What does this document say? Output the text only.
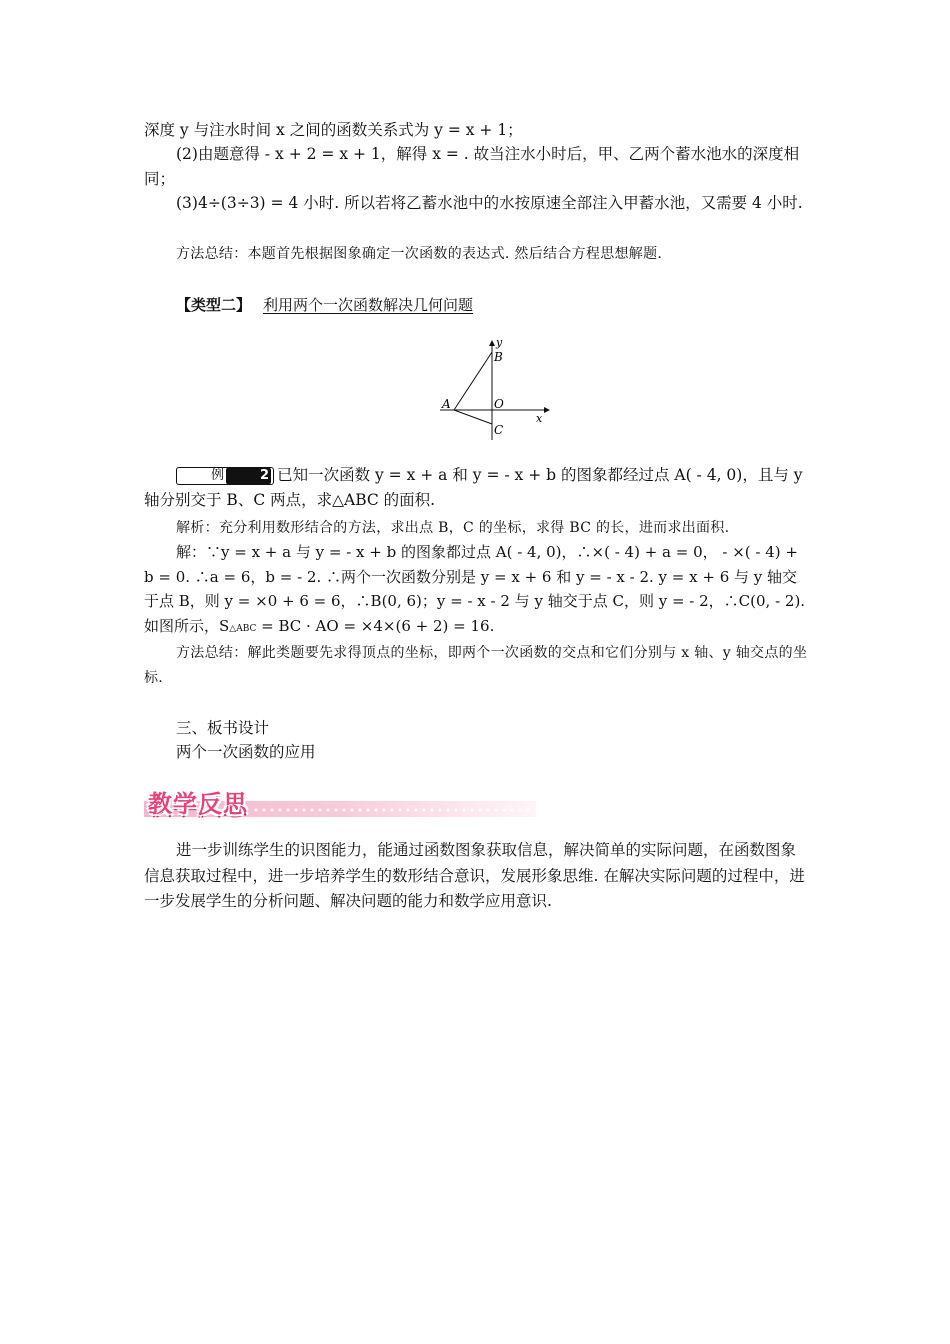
深度 y 与注水时间 x 之间的函数关系式为 y = x + 1；

(2)由题意得 - x + 2 = x + 1，解得 x = . 故当注水小时后，甲、乙两个蓄水池水的深度相同；

(3)4÷(3÷3) = 4 小时. 所以若将乙蓄水池中的水按原速全部注入甲蓄水池，又需要 4 小时.

方法总结：本题首先根据图象确定一次函数的表达式. 然后结合方程思想解题.

【类型二】 利用两个一次函数解决几何问题
y
B
A	O
C
x

例	2 已知一次函数 y = x + a 和 y = - x + b 的图象都经过点 A( - 4, 0)，且与 y 轴分别交于 B、C 两点，求△ABC 的面积.

解析：充分利用数形结合的方法，求出点 B，C 的坐标，求得 BC 的长，进而求出面积.

解：∵y = x + a 与 y = - x + b 的图象都过点 A( - 4, 0)，∴×( - 4) + a = 0， - ×( - 4) + b = 0. ∴a = 6，b = - 2. ∴两个一次函数分别是 y = x + 6 和 y = - x - 2. y = x + 6 与 y 轴交于点 B，则 y = ×0 + 6 = 6，∴B(0, 6)；y = - x - 2 与 y 轴交于点 C，则 y = - 2，∴C(0, - 2). 如图所示，S△ABC = BC · AO = ×4×(6 + 2) = 16.

方法总结：解此类题要先求得顶点的坐标，即两个一次函数的交点和它们分别与 x 轴、y 轴交点的坐标.

三、板书设计
两个一次函数的应用
教学反思

进一步训练学生的识图能力，能通过函数图象获取信息，解决简单的实际问题，在函数图象信息获取过程中，进一步培养学生的数形结合意识，发展形象思维. 在解决实际问题的过程中，进一步发展学生的分析问题、解决问题的能力和数学应用意识.
